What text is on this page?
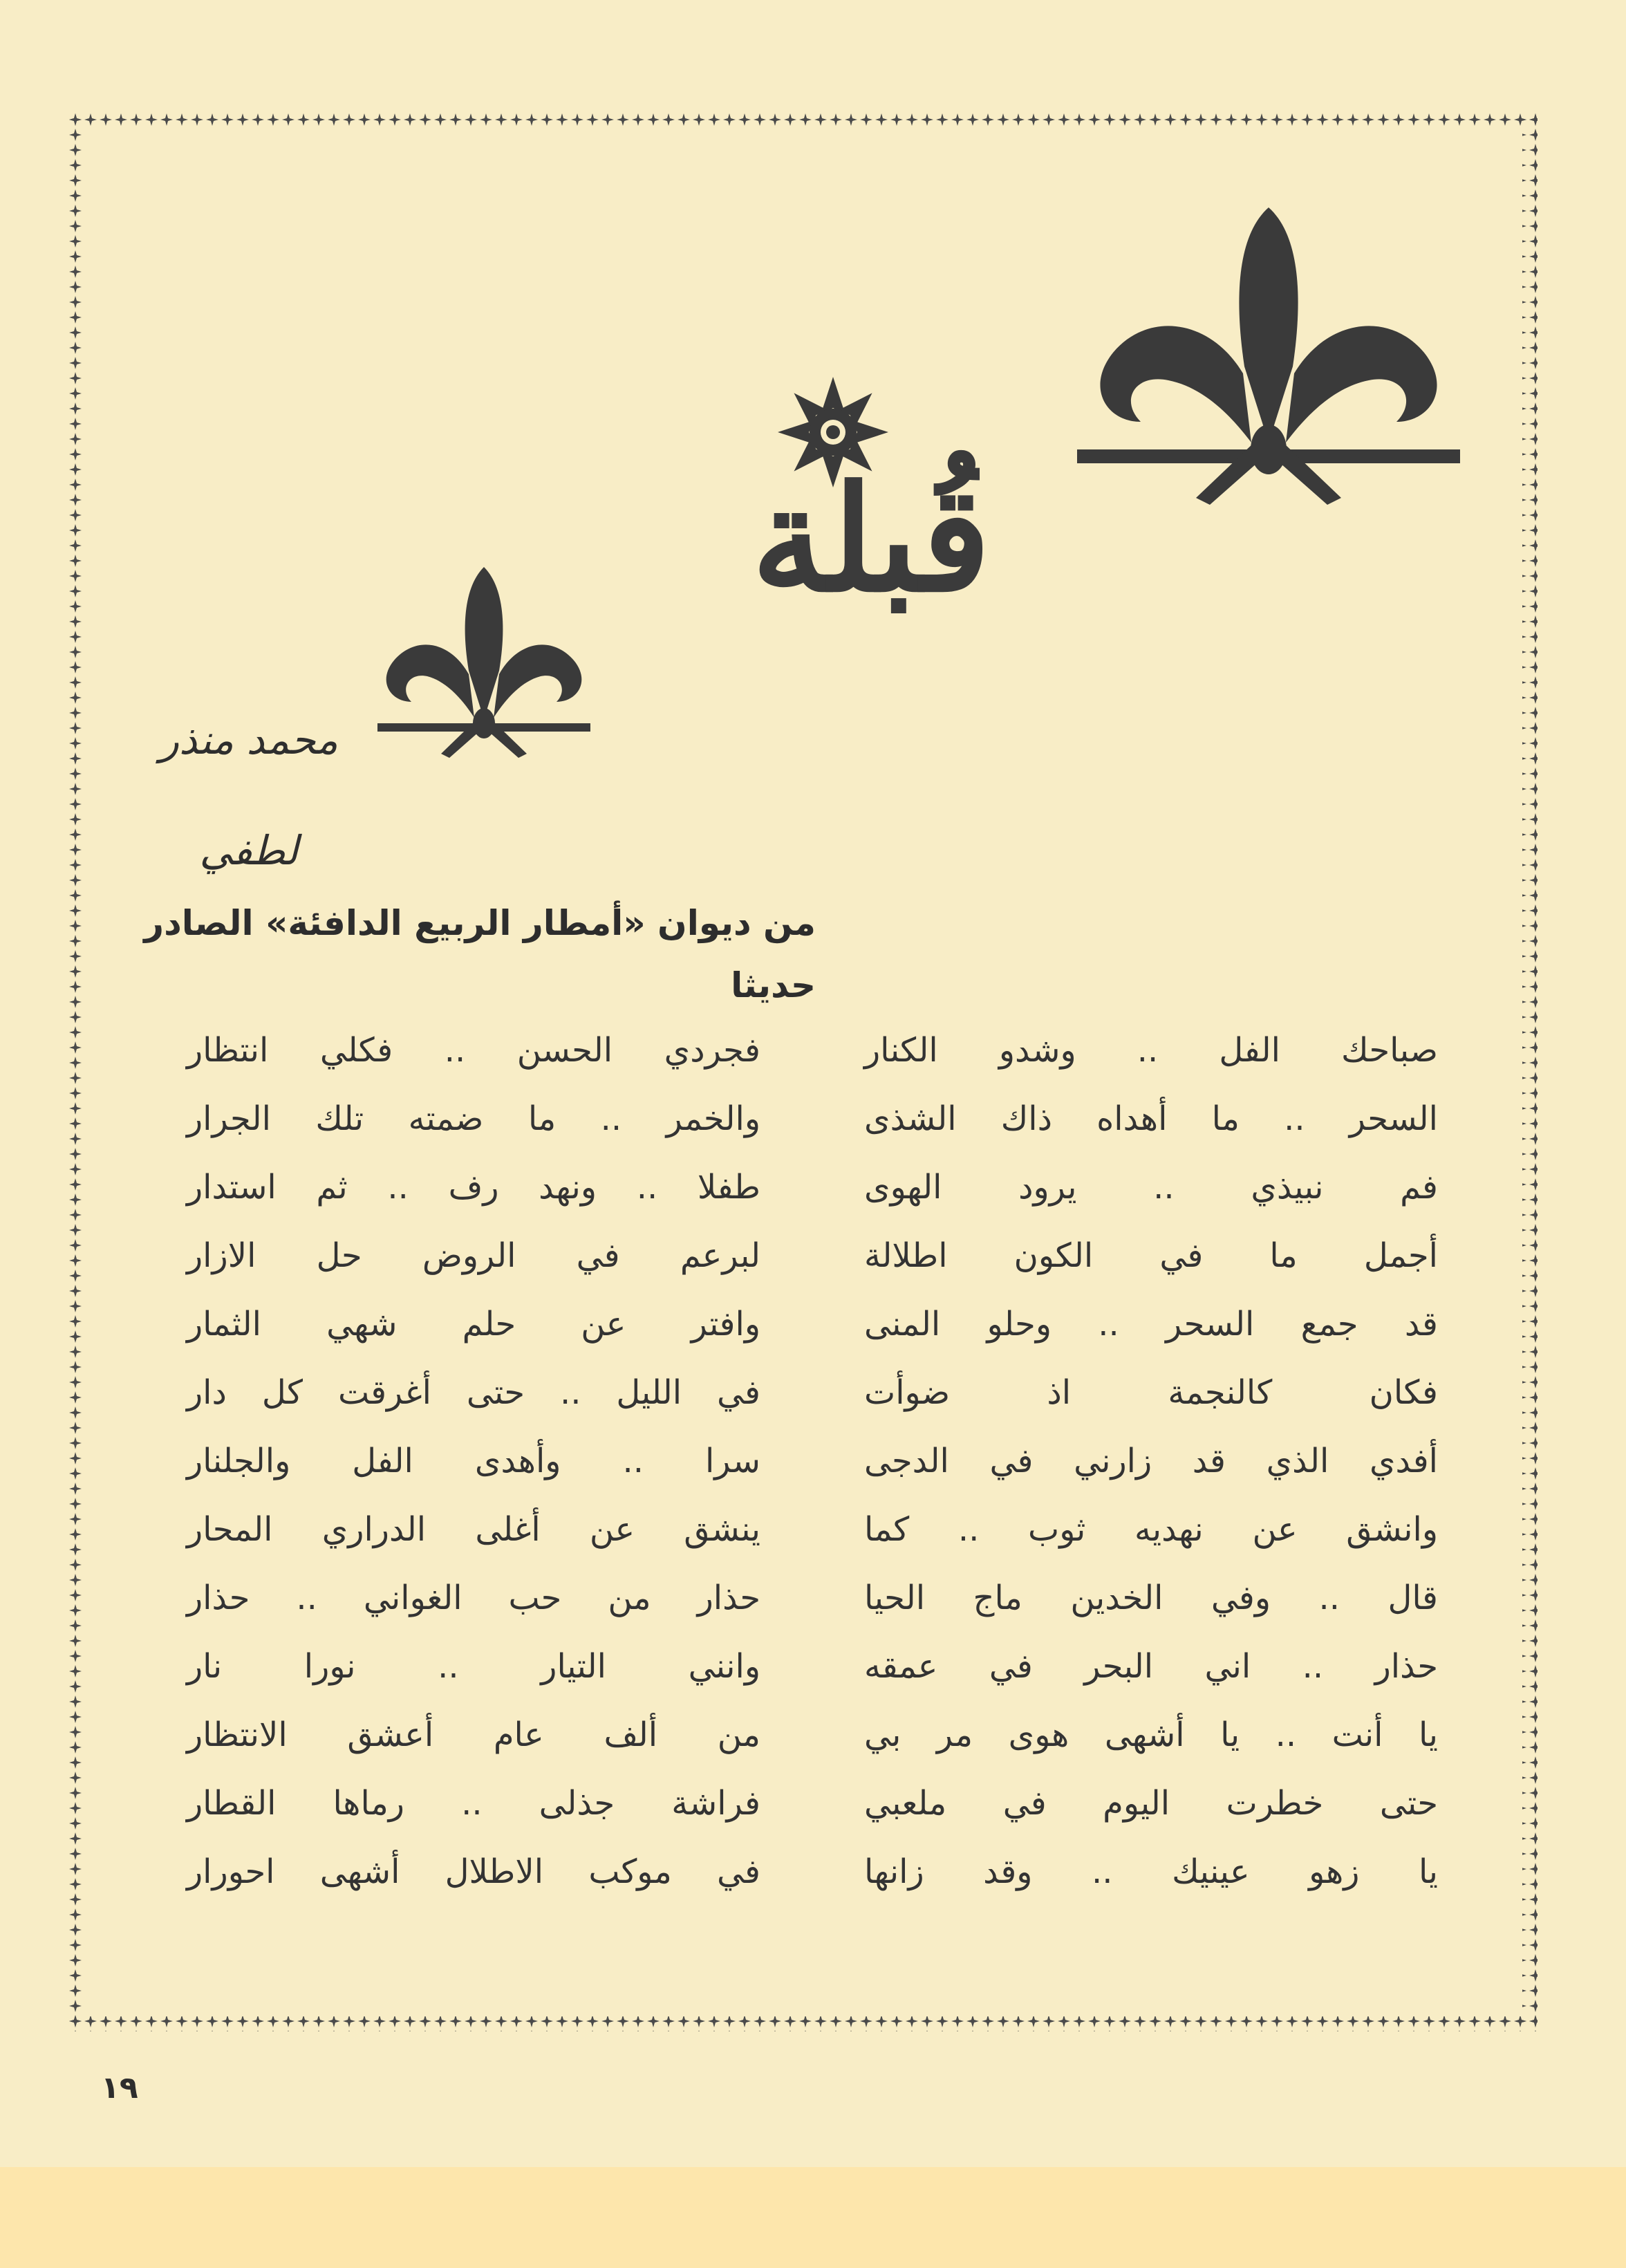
قُبلة
محمد منذر لطفي
من ديوان «أمطار الربيع الدافئة» الصادر حديثا
صباحك الفل .. وشدو الكنار
السحر .. ما أهداه ذاك الشذى
فم نبيذي .. يرود الهوى
أجمل ما في الكون اطلالة
قد جمع السحر .. وحلو المنى
فكان كالنجمة اذ ضوأت
أفدي الذي قد زارني في الدجى
وانشق عن نهديه ثوب .. كما
قال .. وفي الخدين ماج الحيا
حذار .. اني البحر في عمقه
يا أنت .. يا أشهى هوى مر بي
حتى خطرت اليوم في ملعبي
يا زهو عينيك .. وقد زانها
فجردي الحسن .. فكلي انتظار
والخمر .. ما ضمته تلك الجرار
طفلا .. ونهد رف .. ثم استدار
لبرعم في الروض حل الازار
وافتر عن حلم شهي الثمار
في الليل .. حتى أغرقت كل دار
سرا .. وأهدى الفل والجلنار
ينشق عن أغلى الدراري المحار
حذار من حب الغواني .. حذار
وانني التيار .. نورا نار
من ألف عام أعشق الانتظار
فراشة جذلى .. رماها القطار
في موكب الاطلال أشهى احورار
١٩
